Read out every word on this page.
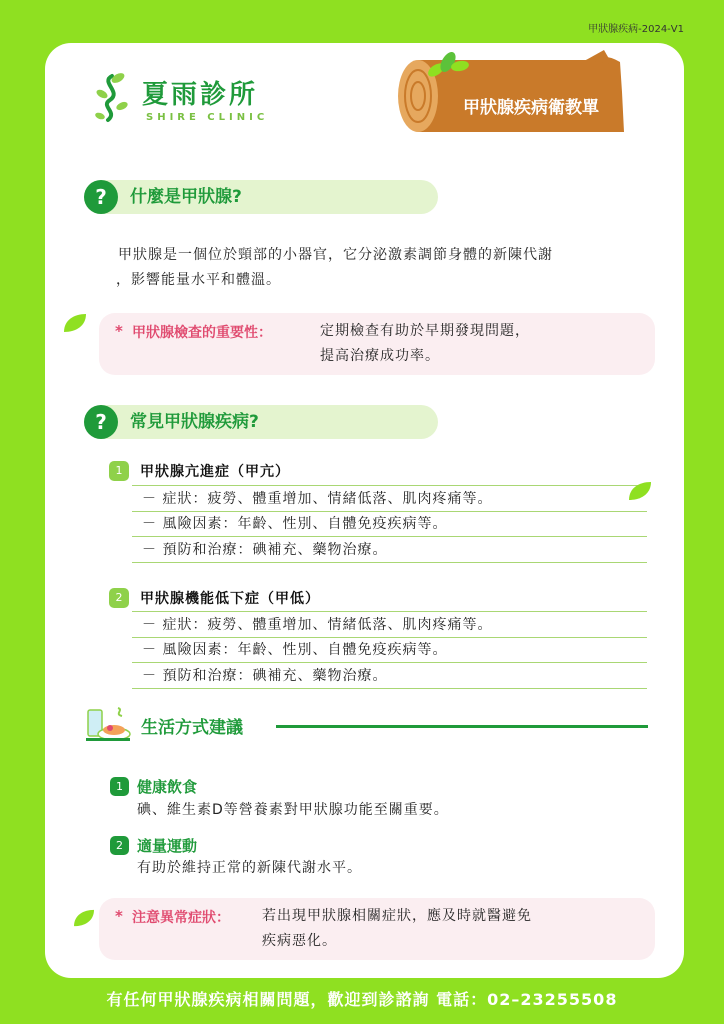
甲狀腺疾病-2024-V1
夏雨診所
SHIRE CLINIC	甲狀腺疾病衛教單
?	什麼是甲狀腺?
甲狀腺是一個位於頸部的小器官，它分泌激素調節身體的新陳代謝
，影響能量水平和體溫。
* 甲狀腺檢查的重要性：	定期檢查有助於早期發現問題，
提高治療成功率。
?	常見甲狀腺疾病?
1	甲狀腺亢進症（甲亢）
－ 症狀：疲勞、體重增加、情緒低落、肌肉疼痛等。
－ 風險因素：年齡、性別、自體免疫疾病等。
－ 預防和治療：碘補充、藥物治療。
2	甲狀腺機能低下症（甲低）
－ 症狀：疲勞、體重增加、情緒低落、肌肉疼痛等。
－ 風險因素：年齡、性別、自體免疫疾病等。
－ 預防和治療：碘補充、藥物治療。
生活方式建議
1 健康飲食
碘、維生素D等營養素對甲狀腺功能至關重要。
2 適量運動
有助於維持正常的新陳代謝水平。
* 注意異常症狀： 若出現甲狀腺相關症狀，應及時就醫避免
疾病惡化。
有任何甲狀腺疾病相關問題，歡迎到診諮詢 電話：02–23255508
